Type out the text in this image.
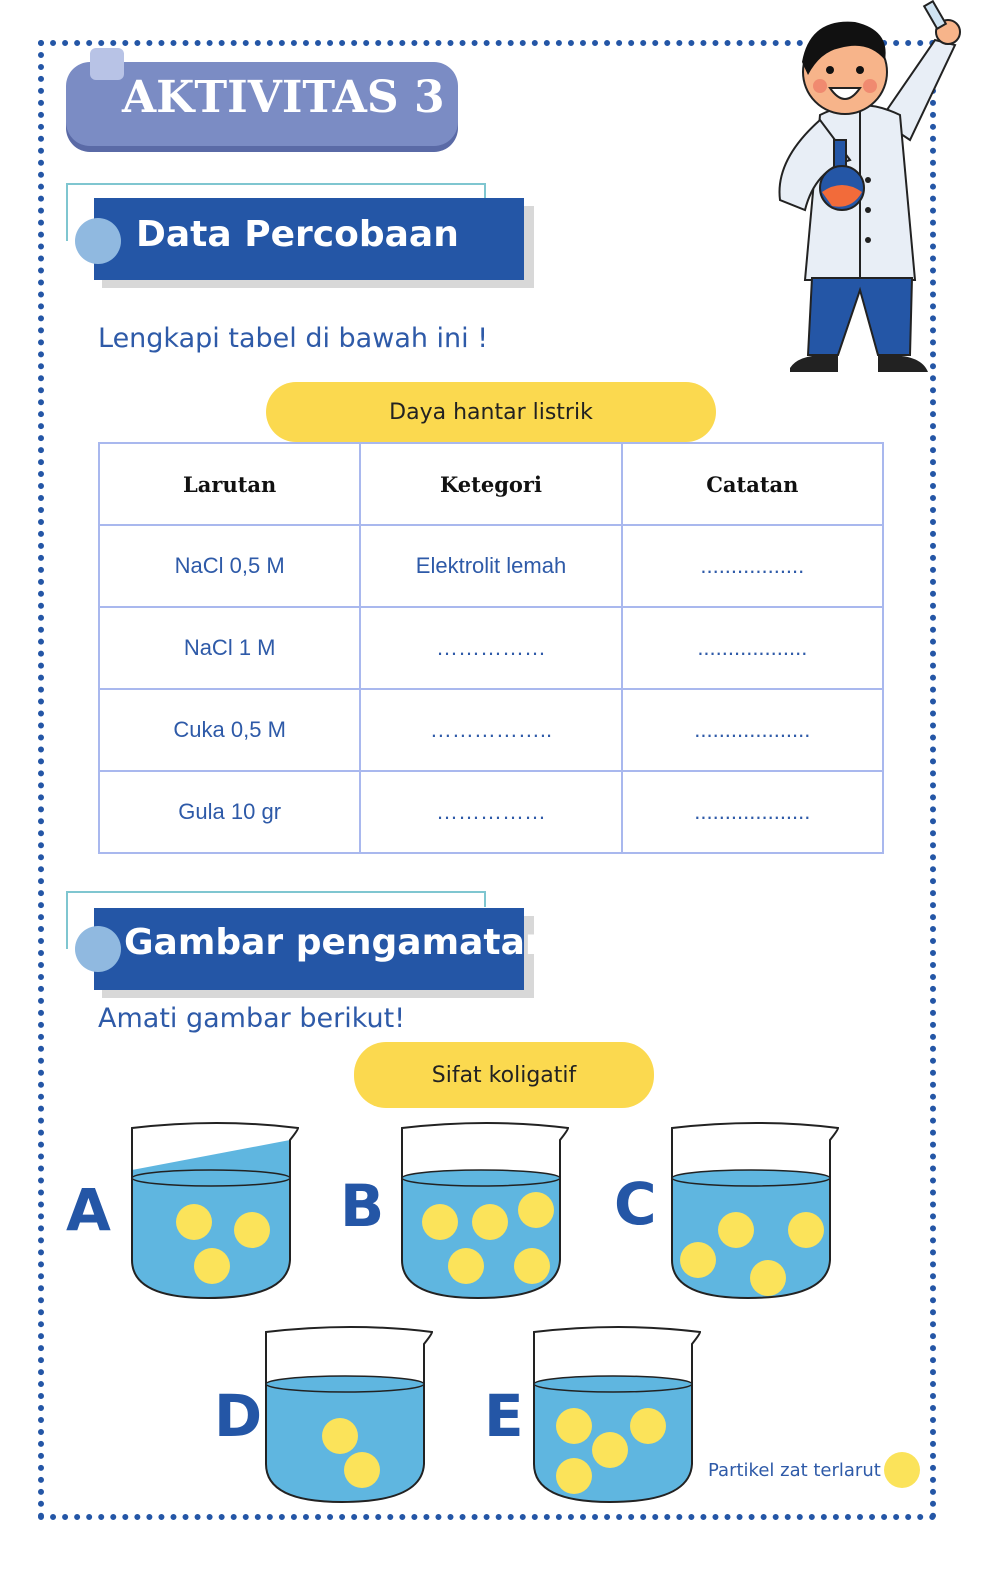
AKTIVITAS 3
Data Percobaan
Lengkapi tabel di bawah ini !
Daya hantar listrik
Larutan	Ketegori	Catatan
NaCl 0,5 M	Elektrolit lemah	.................
NaCl 1 M	……………	..................
Cuka 0,5 M	……………..	...................
Gula 10 gr	……………	...................
Gambar pengamatan
Amati gambar berikut!
Sifat koligatif
A	B	C
D	E
Partikel zat terlarut
